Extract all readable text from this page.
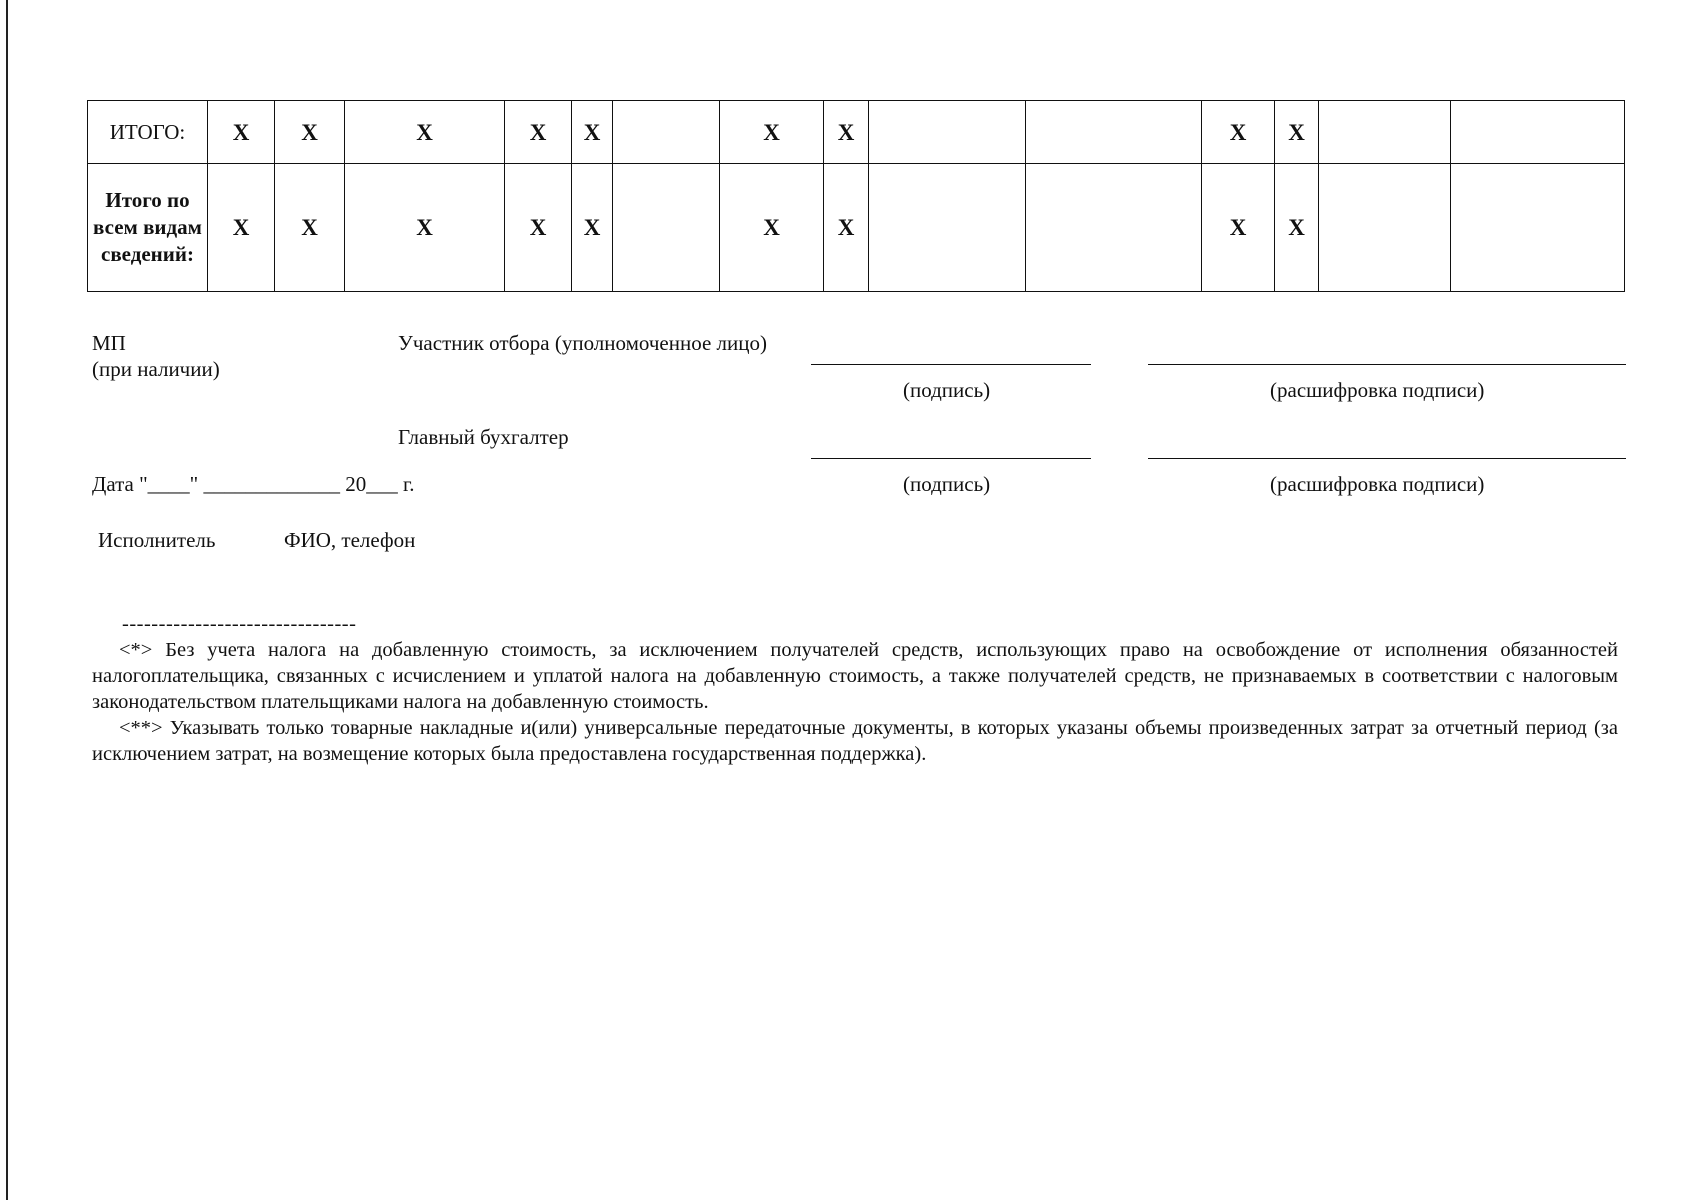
ИТОГО:	X	X	X	X	X		X	X			X	X		
Итого по всем видам сведений:	X	X	X	X	X		X	X			X	X		
МП
(при наличии)
Участник отбора (уполномоченное лицо)
(подпись)	(расшифровка подписи)
Главный бухгалтер
Дата "____" _____________ 20___ г.	(подпись)	(расшифровка подписи)
Исполнитель	ФИО, телефон
--------------------------------

<*> Без учета налога на добавленную стоимость, за исключением получателей средств, использующих право на освобождение от исполнения обязанностей налогоплательщика, связанных с исчислением и уплатой налога на добавленную стоимость, а также получателей средств, не признаваемых в соответствии с налоговым законодательством плательщиками налога на добавленную стоимость.

<**> Указывать только товарные накладные и(или) универсальные передаточные документы, в которых указаны объемы произведенных затрат за отчетный период (за исключением затрат, на возмещение которых была предоставлена государственная поддержка).
